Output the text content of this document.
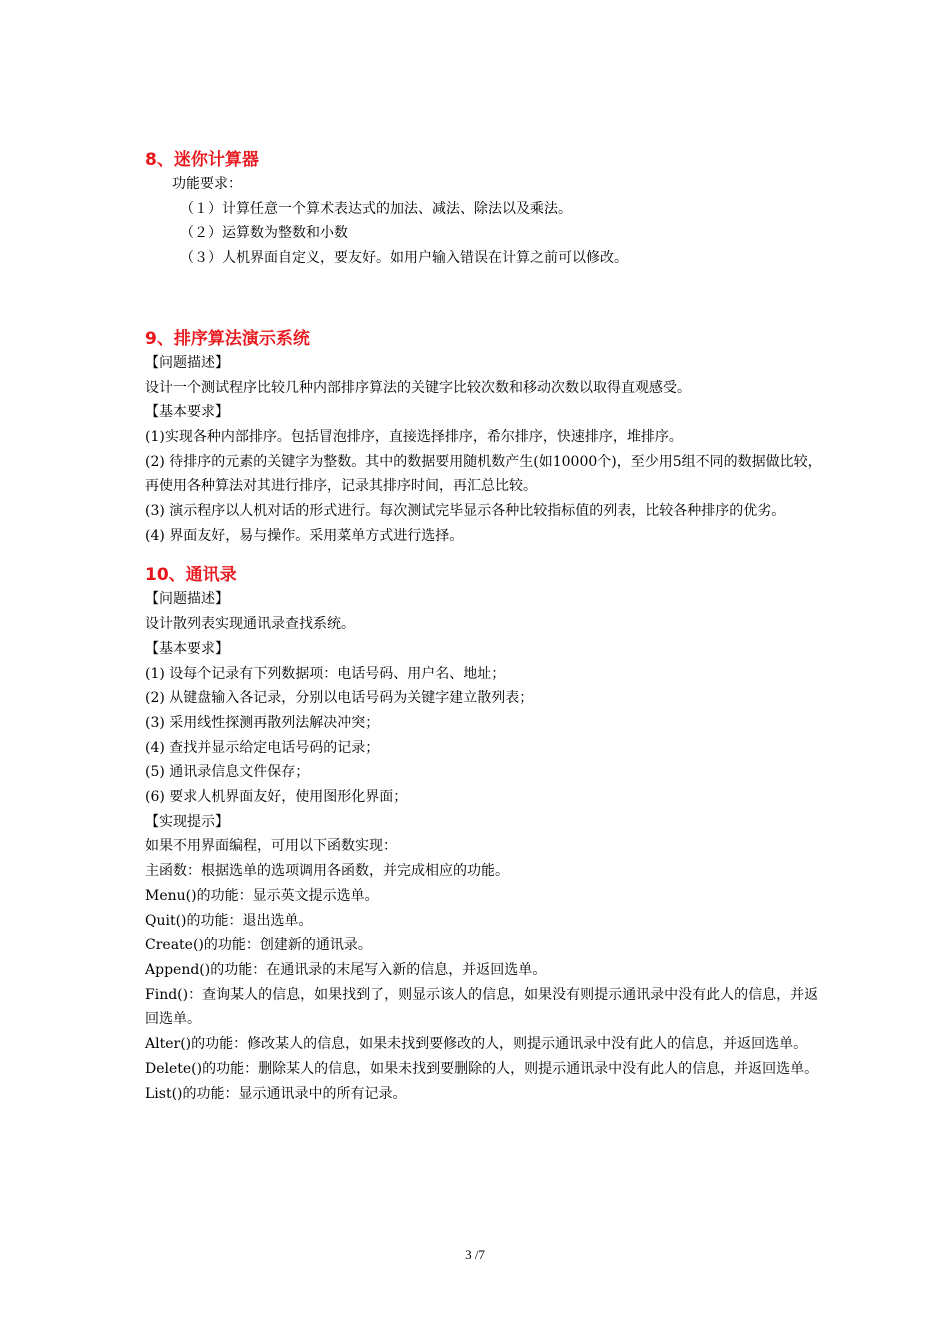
8、迷你计算器
功能要求：
（１）计算任意一个算术表达式的加法、减法、除法以及乘法。
（２）运算数为整数和小数
（３）人机界面自定义，要友好。如用户输入错误在计算之前可以修改。
9、排序算法演示系统
【问题描述】
设计一个测试程序比较几种内部排序算法的关键字比较次数和移动次数以取得直观感受。
【基本要求】
(1)实现各种内部排序。包括冒泡排序，直接选择排序，希尔排序，快速排序，堆排序。
(2) 待排序的元素的关键字为整数。其中的数据要用随机数产生(如10000个)，至少用5组不同的数据做比较，再使用各种算法对其进行排序，记录其排序时间，再汇总比较。
(3) 演示程序以人机对话的形式进行。每次测试完毕显示各种比较指标值的列表，比较各种排序的优劣。
(4) 界面友好，易与操作。采用菜单方式进行选择。
10、通讯录
【问题描述】
设计散列表实现通讯录查找系统。
【基本要求】
(1) 设每个记录有下列数据项：电话号码、用户名、地址；
(2) 从键盘输入各记录，分别以电话号码为关键字建立散列表；
(3) 采用线性探测再散列法解决冲突；
(4) 查找并显示给定电话号码的记录；
(5) 通讯录信息文件保存；
(6) 要求人机界面友好，使用图形化界面；
【实现提示】
如果不用界面编程，可用以下函数实现：
主函数：根据选单的选项调用各函数，并完成相应的功能。
Menu()的功能：显示英文提示选单。
Quit()的功能：退出选单。
Create()的功能：创建新的通讯录。
Append()的功能：在通讯录的末尾写入新的信息，并返回选单。
Find()：查询某人的信息，如果找到了，则显示该人的信息，如果没有则提示通讯录中没有此人的信息，并返回选单。
Alter()的功能：修改某人的信息，如果未找到要修改的人，则提示通讯录中没有此人的信息，并返回选单。
Delete()的功能：删除某人的信息，如果未找到要删除的人，则提示通讯录中没有此人的信息，并返回选单。
List()的功能：显示通讯录中的所有记录。
3 /7
